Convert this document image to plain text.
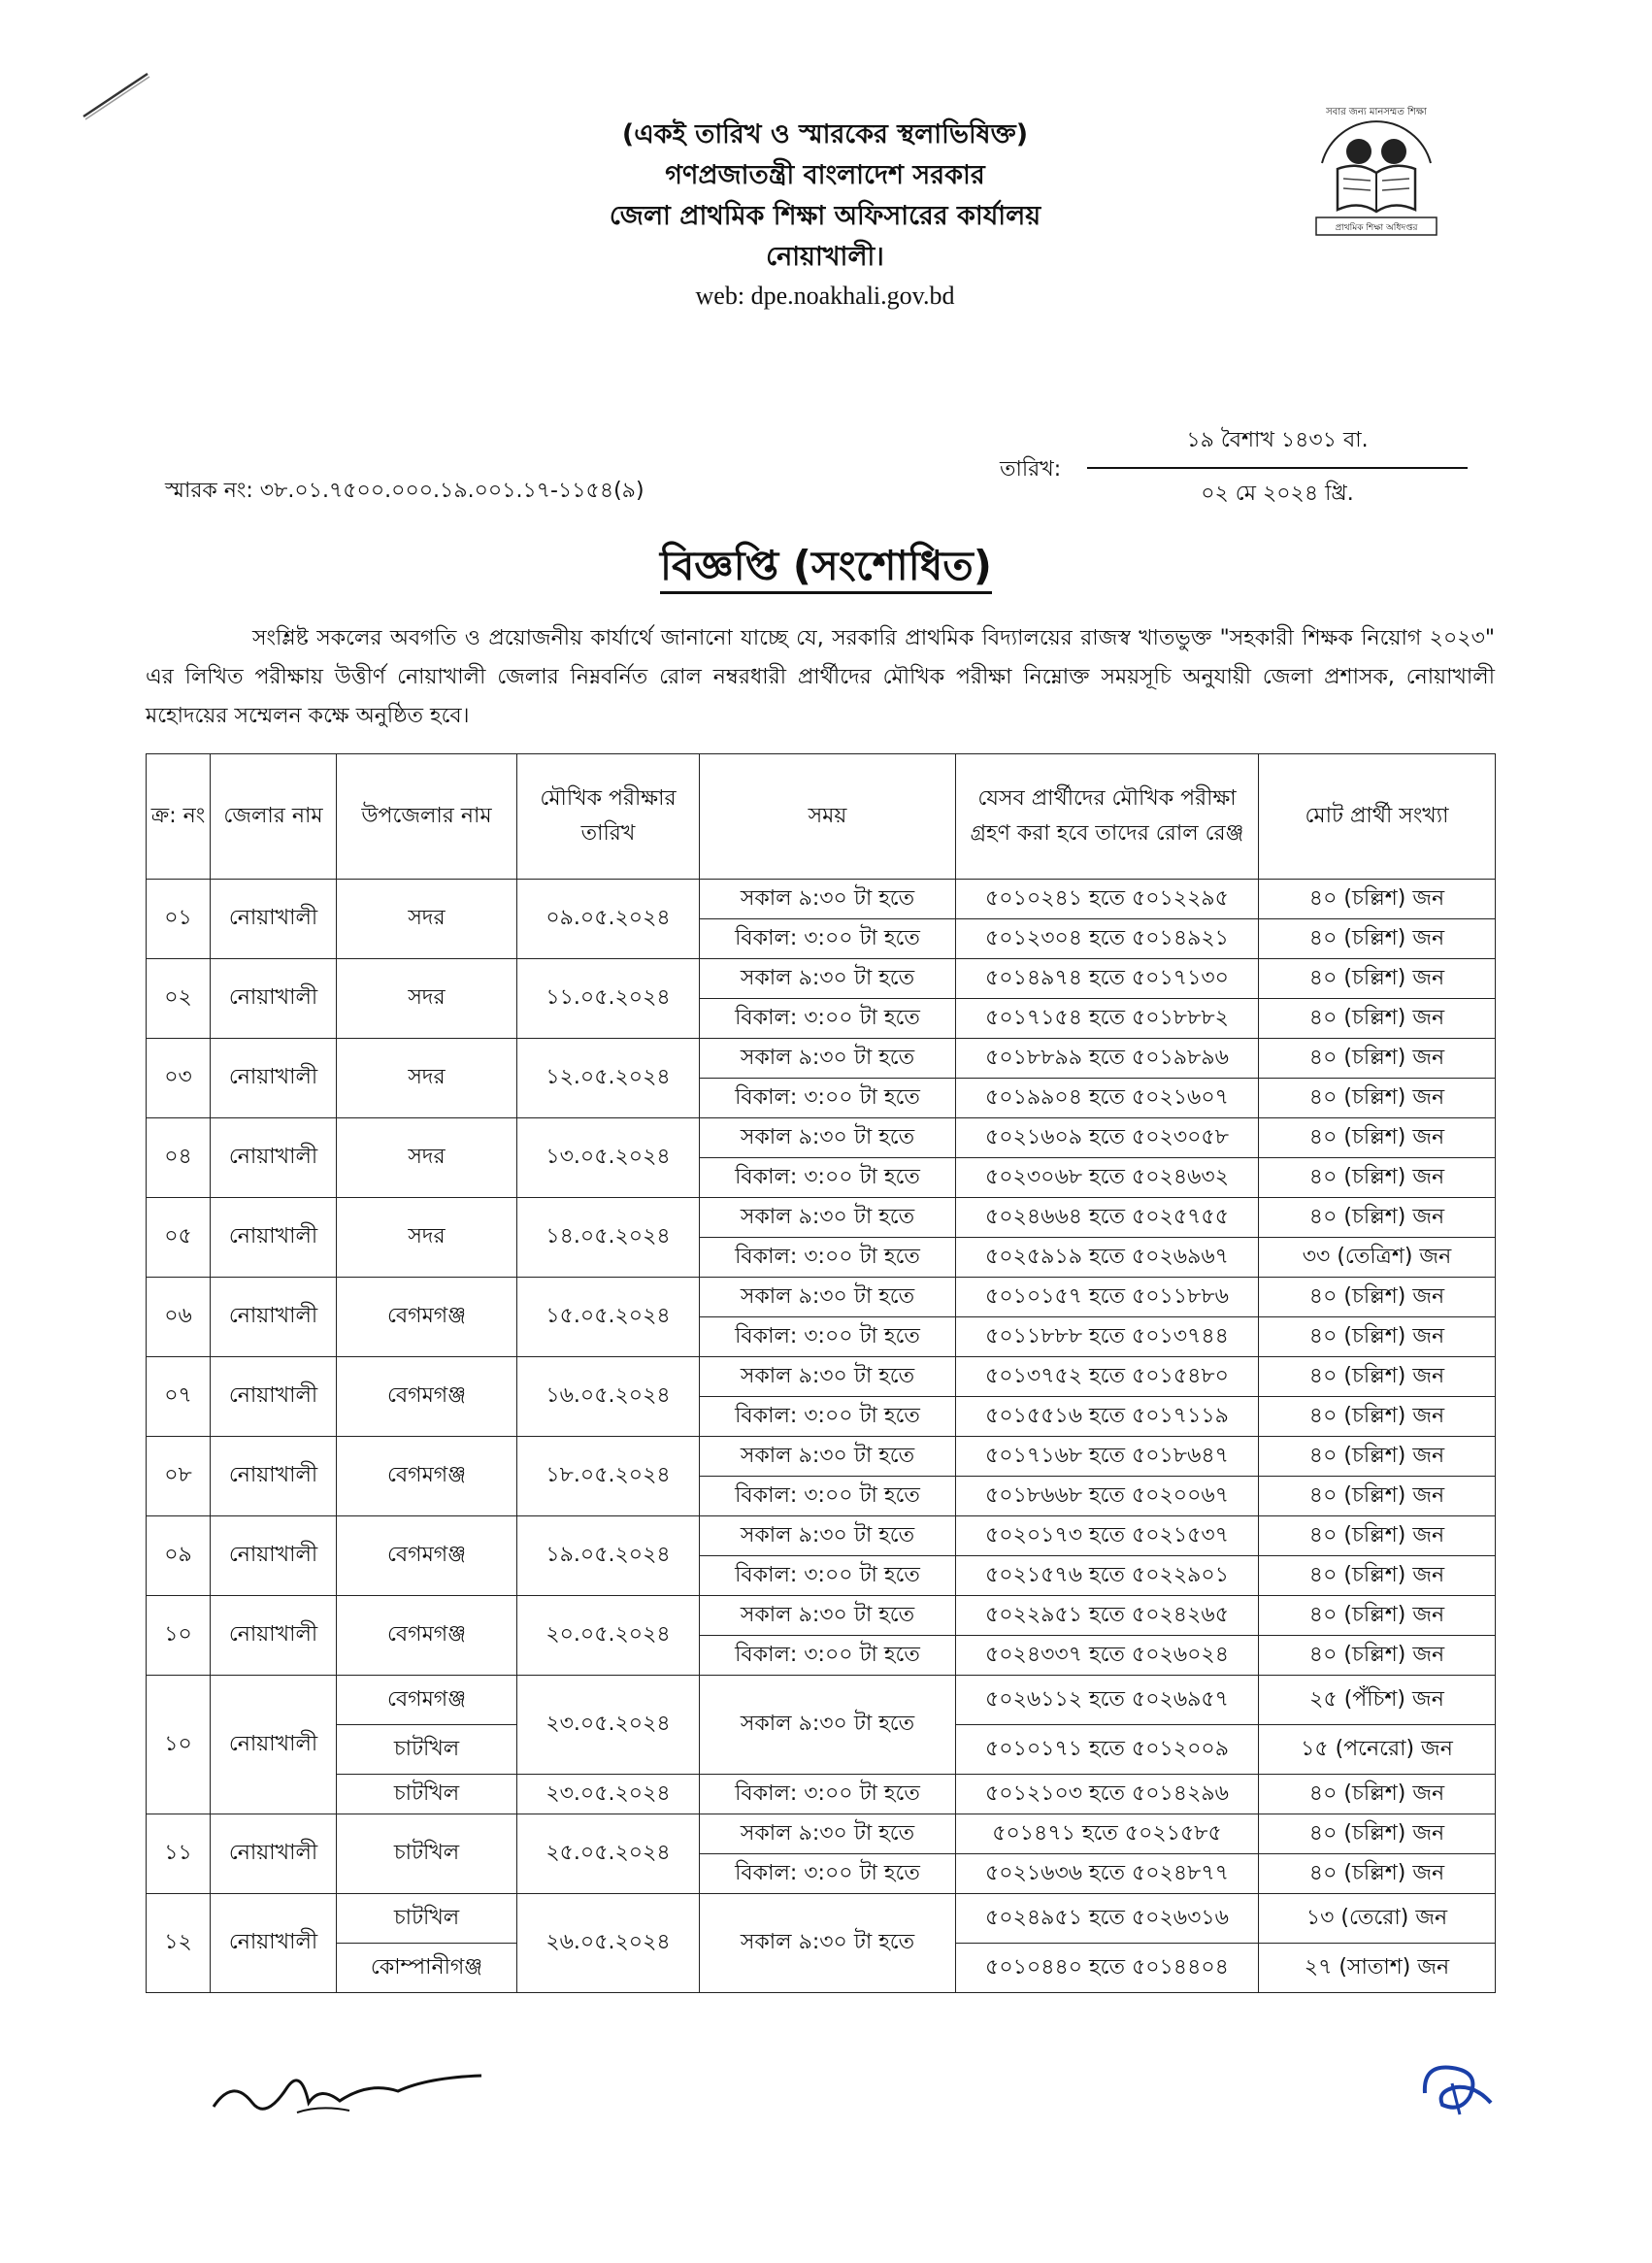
(একই তারিখ ও স্মারকের স্থলাভিষিক্ত)
গণপ্রজাতন্ত্রী বাংলাদেশ সরকার
জেলা প্রাথমিক শিক্ষা অফিসারের কার্যালয়
নোয়াখালী।
web: dpe.noakhali.gov.bd
প্রাথমিক শিক্ষা অধিদপ্তর
সবার জন্য মানসম্মত শিক্ষা
স্মারক নং: ৩৮.০১.৭৫০০.০০০.১৯.০০১.১৭-১১৫৪(৯)
তারিখ:
১৯ বৈশাখ ১৪৩১ বা.
০২ মে ২০২৪ খ্রি.
বিজ্ঞপ্তি (সংশোধিত)
সংশ্লিষ্ট সকলের অবগতি ও প্রয়োজনীয় কার্যার্থে জানানো যাচ্ছে যে, সরকারি প্রাথমিক বিদ্যালয়ের রাজস্ব খাতভুক্ত "সহকারী শিক্ষক নিয়োগ ২০২৩" এর লিখিত পরীক্ষায় উত্তীর্ণ নোয়াখালী জেলার নিম্নবর্নিত রোল নম্বরধারী প্রার্থীদের মৌখিক পরীক্ষা নিম্নোক্ত সময়সূচি অনুযায়ী জেলা প্রশাসক, নোয়াখালী মহোদয়ের সম্মেলন কক্ষে অনুষ্ঠিত হবে।
ক্র: নং	জেলার নাম	উপজেলার নাম	মৌখিক পরীক্ষার তারিখ	সময়	যেসব প্রার্থীদের মৌখিক পরীক্ষা গ্রহণ করা হবে তাদের রোল রেঞ্জ	মোট প্রার্থী সংখ্যা
০১	নোয়াখালী	সদর	০৯.০৫.২০২৪	সকাল ৯:৩০ টা হতে	৫০১০২৪১ হতে ৫০১২২৯৫	৪০ (চল্লিশ) জন
				বিকাল: ৩:০০ টা হতে	৫০১২৩০৪ হতে ৫০১৪৯২১	৪০ (চল্লিশ) জন
০২	নোয়াখালী	সদর	১১.০৫.২০২৪	সকাল ৯:৩০ টা হতে	৫০১৪৯৭৪ হতে ৫০১৭১৩০	৪০ (চল্লিশ) জন
				বিকাল: ৩:০০ টা হতে	৫০১৭১৫৪ হতে ৫০১৮৮৮২	৪০ (চল্লিশ) জন
০৩	নোয়াখালী	সদর	১২.০৫.২০২৪	সকাল ৯:৩০ টা হতে	৫০১৮৮৯৯ হতে ৫০১৯৮৯৬	৪০ (চল্লিশ) জন
				বিকাল: ৩:০০ টা হতে	৫০১৯৯০৪ হতে ৫০২১৬০৭	৪০ (চল্লিশ) জন
০৪	নোয়াখালী	সদর	১৩.০৫.২০২৪	সকাল ৯:৩০ টা হতে	৫০২১৬০৯ হতে ৫০২৩০৫৮	৪০ (চল্লিশ) জন
				বিকাল: ৩:০০ টা হতে	৫০২৩০৬৮ হতে ৫০২৪৬৩২	৪০ (চল্লিশ) জন
০৫	নোয়াখালী	সদর	১৪.০৫.২০২৪	সকাল ৯:৩০ টা হতে	৫০২৪৬৬৪ হতে ৫০২৫৭৫৫	৪০ (চল্লিশ) জন
				বিকাল: ৩:০০ টা হতে	৫০২৫৯১৯ হতে ৫০২৬৯৬৭	৩৩ (তেত্রিশ) জন
০৬	নোয়াখালী	বেগমগঞ্জ	১৫.০৫.২০২৪	সকাল ৯:৩০ টা হতে	৫০১০১৫৭ হতে ৫০১১৮৮৬	৪০ (চল্লিশ) জন
				বিকাল: ৩:০০ টা হতে	৫০১১৮৮৮ হতে ৫০১৩৭৪৪	৪০ (চল্লিশ) জন
০৭	নোয়াখালী	বেগমগঞ্জ	১৬.০৫.২০২৪	সকাল ৯:৩০ টা হতে	৫০১৩৭৫২ হতে ৫০১৫৪৮০	৪০ (চল্লিশ) জন
				বিকাল: ৩:০০ টা হতে	৫০১৫৫১৬ হতে ৫০১৭১১৯	৪০ (চল্লিশ) জন
০৮	নোয়াখালী	বেগমগঞ্জ	১৮.০৫.২০২৪	সকাল ৯:৩০ টা হতে	৫০১৭১৬৮ হতে ৫০১৮৬৪৭	৪০ (চল্লিশ) জন
				বিকাল: ৩:০০ টা হতে	৫০১৮৬৬৮ হতে ৫০২০০৬৭	৪০ (চল্লিশ) জন
০৯	নোয়াখালী	বেগমগঞ্জ	১৯.০৫.২০২৪	সকাল ৯:৩০ টা হতে	৫০২০১৭৩ হতে ৫০২১৫৩৭	৪০ (চল্লিশ) জন
				বিকাল: ৩:০০ টা হতে	৫০২১৫৭৬ হতে ৫০২২৯০১	৪০ (চল্লিশ) জন
১০	নোয়াখালী	বেগমগঞ্জ	২০.০৫.২০২৪	সকাল ৯:৩০ টা হতে	৫০২২৯৫১ হতে ৫০২৪২৬৫	৪০ (চল্লিশ) জন
				বিকাল: ৩:০০ টা হতে	৫০২৪৩৩৭ হতে ৫০২৬০২৪	৪০ (চল্লিশ) জন
১০	নোয়াখালী	বেগমগঞ্জ	২৩.০৫.২০২৪	সকাল ৯:৩০ টা হতে	৫০২৬১১২ হতে ৫০২৬৯৫৭	২৫ (পঁচিশ) জন
		চাটখিল			৫০১০১৭১ হতে ৫০১২০০৯	১৫ (পনেরো) জন
		চাটখিল	২৩.০৫.২০২৪	বিকাল: ৩:০০ টা হতে	৫০১২১০৩ হতে ৫০১৪২৯৬	৪০ (চল্লিশ) জন
১১	নোয়াখালী	চাটখিল	২৫.০৫.২০২৪	সকাল ৯:৩০ টা হতে	৫০১৪৭১ হতে ৫০২১৫৮৫	৪০ (চল্লিশ) জন
				বিকাল: ৩:০০ টা হতে	৫০২১৬৩৬ হতে ৫০২৪৮৭৭	৪০ (চল্লিশ) জন
১২	নোয়াখালী	চাটখিল	২৬.০৫.২০২৪	সকাল ৯:৩০ টা হতে	৫০২৪৯৫১ হতে ৫০২৬৩১৬	১৩ (তেরো) জন
		কোম্পানীগঞ্জ			৫০১০৪৪০ হতে ৫০১৪৪০৪	২৭ (সাতাশ) জন
